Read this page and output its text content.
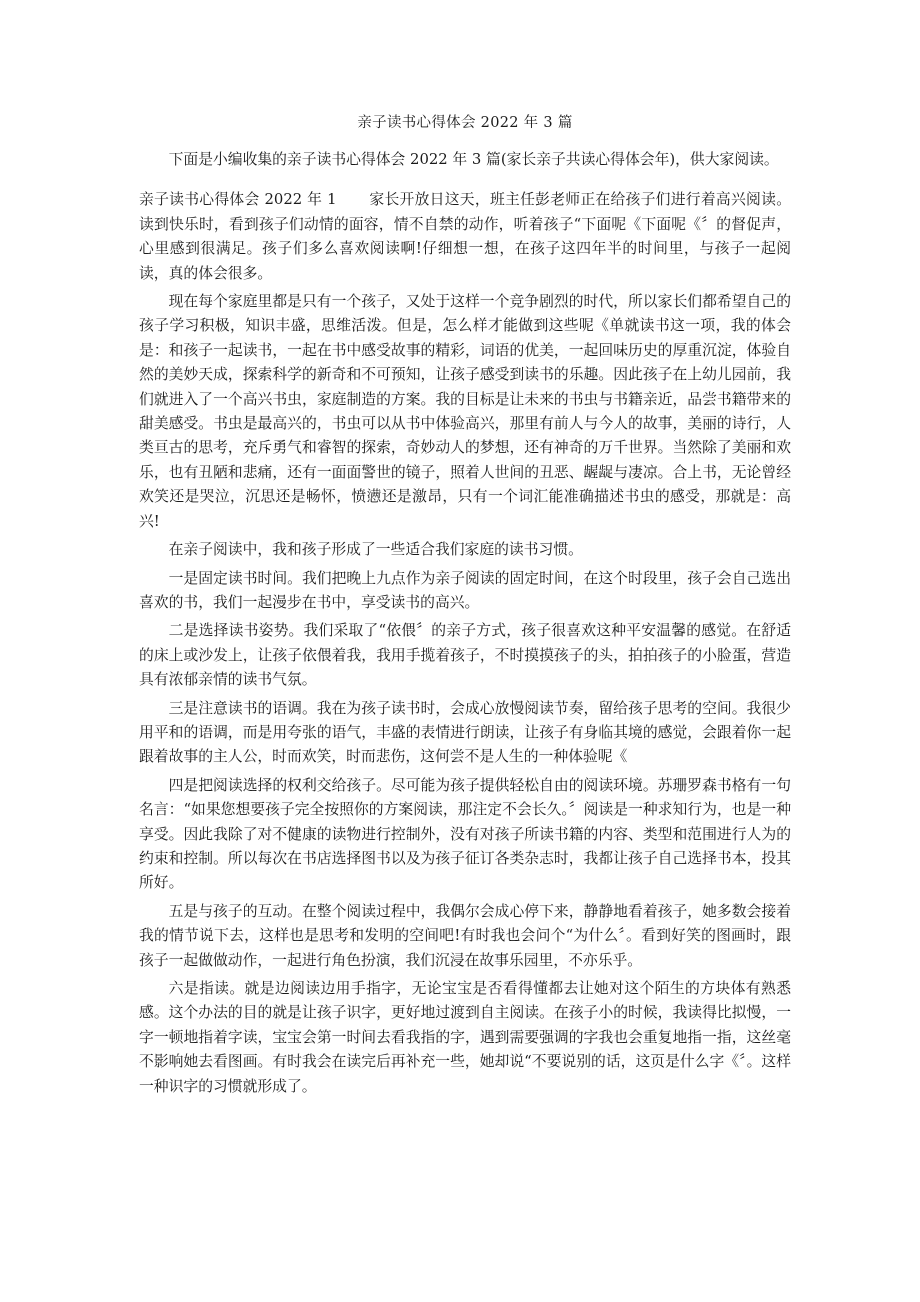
亲子读书心得体会 2022 年 3 篇

下面是小编收集的亲子读书心得体会 2022 年 3 篇(家长亲子共读心得体会年)，供大家阅读。

亲子读书心得体会 2022 年 1 家长开放日这天，班主任彭老师正在给孩子们进行着高兴阅读。读到快乐时，看到孩子们动情的面容，情不自禁的动作，听着孩子“下面呢《下面呢《〞的督促声，心里感到很满足。孩子们多么喜欢阅读啊!仔细想一想，在孩子这四年半的时间里，与孩子一起阅读，真的体会很多。

现在每个家庭里都是只有一个孩子，又处于这样一个竞争剧烈的时代，所以家长们都希望自己的孩子学习积极，知识丰盛，思维活泼。但是，怎么样才能做到这些呢《单就读书这一项，我的体会是：和孩子一起读书，一起在书中感受故事的精彩，词语的优美，一起回味历史的厚重沉淀，体验自然的美妙天成，探索科学的新奇和不可预知，让孩子感受到读书的乐趣。因此孩子在上幼儿园前，我们就进入了一个高兴书虫，家庭制造的方案。我的目标是让未来的书虫与书籍亲近，品尝书籍带来的甜美感受。书虫是最高兴的，书虫可以从书中体验高兴，那里有前人与今人的故事，美丽的诗行，人类亘古的思考，充斥勇气和睿智的探索，奇妙动人的梦想，还有神奇的万千世界。当然除了美丽和欢乐，也有丑陋和悲痛，还有一面面警世的镜子，照着人世间的丑恶、龌龊与凄凉。合上书，无论曾经欢笑还是哭泣，沉思还是畅怀，愤懑还是激昂，只有一个词汇能准确描述书虫的感受，那就是：高兴!

在亲子阅读中，我和孩子形成了一些适合我们家庭的读书习惯。

一是固定读书时间。我们把晚上九点作为亲子阅读的固定时间，在这个时段里，孩子会自己选出喜欢的书，我们一起漫步在书中，享受读书的高兴。

二是选择读书姿势。我们采取了“依偎〞的亲子方式，孩子很喜欢这种平安温馨的感觉。在舒适的床上或沙发上，让孩子依偎着我，我用手揽着孩子，不时摸摸孩子的头，拍拍孩子的小脸蛋，营造具有浓郁亲情的读书气氛。

三是注意读书的语调。我在为孩子读书时，会成心放慢阅读节奏，留给孩子思考的空间。我很少用平和的语调，而是用夸张的语气，丰盛的表情进行朗读，让孩子有身临其境的感觉，会跟着你一起跟着故事的主人公，时而欢笑，时而悲伤，这何尝不是人生的一种体验呢《

四是把阅读选择的权利交给孩子。尽可能为孩子提供轻松自由的阅读环境。苏珊罗森书格有一句名言：“如果您想要孩子完全按照你的方案阅读，那注定不会长久。〞阅读是一种求知行为，也是一种享受。因此我除了对不健康的读物进行控制外，没有对孩子所读书籍的内容、类型和范围进行人为的约束和控制。所以每次在书店选择图书以及为孩子征订各类杂志时，我都让孩子自己选择书本，投其所好。

五是与孩子的互动。在整个阅读过程中，我偶尔会成心停下来，静静地看着孩子，她多数会接着我的情节说下去，这样也是思考和发明的空间吧!有时我也会问个“为什么〞。看到好笑的图画时，跟孩子一起做做动作，一起进行角色扮演，我们沉浸在故事乐园里，不亦乐乎。

六是指读。就是边阅读边用手指字，无论宝宝是否看得懂都去让她对这个陌生的方块体有熟悉感。这个办法的目的就是让孩子识字，更好地过渡到自主阅读。在孩子小的时候，我读得比拟慢，一字一顿地指着字读，宝宝会第一时间去看我指的字，遇到需要强调的字我也会重复地指一指，这丝毫不影响她去看图画。有时我会在读完后再补充一些，她却说“不要说别的话，这页是什么字《〞。这样一种识字的习惯就形成了。
